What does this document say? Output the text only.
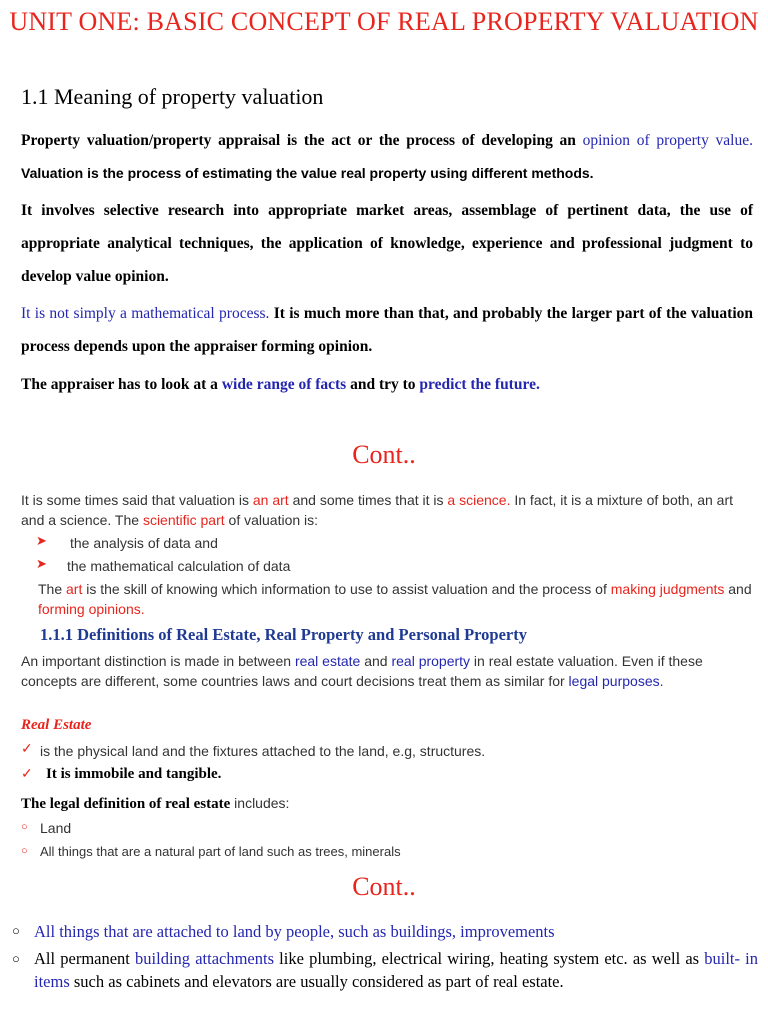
UNIT ONE: BASIC CONCEPT OF REAL PROPERTY VALUATION
1.1 Meaning of property valuation
Property valuation/property appraisal is the act or the process of developing an opinion of property value. Valuation is the process of estimating the value real property using different methods.
It involves selective research into appropriate market areas, assemblage of pertinent data, the use of appropriate analytical techniques, the application of knowledge, experience and professional judgment to develop value opinion.
It is not simply a mathematical process. It is much more than that, and probably the larger part of the valuation process depends upon the appraiser forming opinion.
The appraiser has to look at a wide range of facts and try to predict the future.
Cont..
It is some times said that valuation is an art and some times that it is a science. In fact, it is a mixture of both, an art and a science. The scientific part of valuation is:
➤ the analysis of data and
➤ the mathematical calculation of data
The art is the skill of knowing which information to use to assist valuation and the process of making judgments and forming opinions.
1.1.1 Definitions of Real Estate, Real Property and Personal Property
An important distinction is made in between real estate and real property in real estate valuation. Even if these concepts are different, some countries laws and court decisions treat them as similar for legal purposes.
Real Estate
✓ is the physical land and the fixtures attached to the land, e.g, structures.
✓ It is immobile and tangible.
The legal definition of real estate includes:
○ Land
○ All things that are a natural part of land such as trees, minerals
Cont..
○ All things that are attached to land by people, such as buildings, improvements
○ All permanent building attachments like plumbing, electrical wiring, heating system etc. as well as built- in items such as cabinets and elevators are usually considered as part of real estate.
